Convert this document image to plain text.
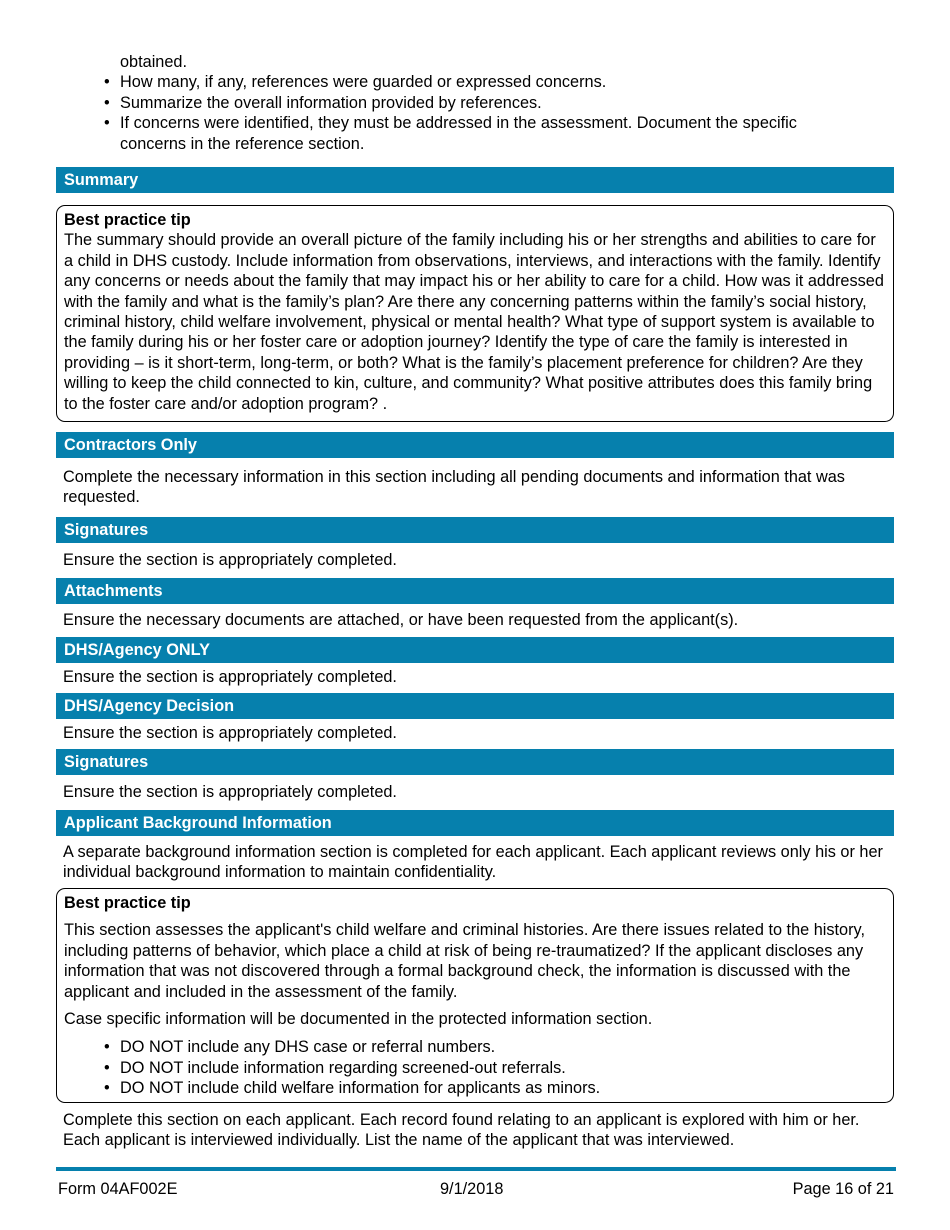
obtained.
• How many, if any, references were guarded or expressed concerns.
• Summarize the overall information provided by references.
• If concerns were identified, they must be addressed in the assessment. Document the specific concerns in the reference section.
Summary
Best practice tip

The summary should provide an overall picture of the family including his or her strengths and abilities to care for a child in DHS custody. Include information from observations, interviews, and interactions with the family. Identify any concerns or needs about the family that may impact his or her ability to care for a child. How was it addressed with the family and what is the family’s plan? Are there any concerning patterns within the family’s social history, criminal history, child welfare involvement, physical or mental health? What type of support system is available to the family during his or her foster care or adoption journey? Identify the type of care the family is interested in providing – is it short-term, long-term, or both? What is the family’s placement preference for children? Are they willing to keep the child connected to kin, culture, and community? What positive attributes does this family bring to the foster care and/or adoption program? .

Contractors Only
Complete the necessary information in this section including all pending documents and information that was requested.
Signatures
Ensure the section is appropriately completed.
Attachments
Ensure the necessary documents are attached, or have been requested from the applicant(s).
DHS/Agency ONLY
Ensure the section is appropriately completed.
DHS/Agency Decision
Ensure the section is appropriately completed.
Signatures
Ensure the section is appropriately completed.
Applicant Background Information
A separate background information section is completed for each applicant. Each applicant reviews only his or her individual background information to maintain confidentiality.
Best practice tip

This section assesses the applicant's child welfare and criminal histories. Are there issues related to the history, including patterns of behavior, which place a child at risk of being re-traumatized? If the applicant discloses any information that was not discovered through a formal background check, the information is discussed with the applicant and included in the assessment of the family.

Case specific information will be documented in the protected information section.

• DO NOT include any DHS case or referral numbers.
• DO NOT include information regarding screened-out referrals.
• DO NOT include child welfare information for applicants as minors.
Complete this section on each applicant. Each record found relating to an applicant is explored with him or her. Each applicant is interviewed individually. List the name of the applicant that was interviewed.
Form 04AF002E	9/1/2018	Page 16 of 21
